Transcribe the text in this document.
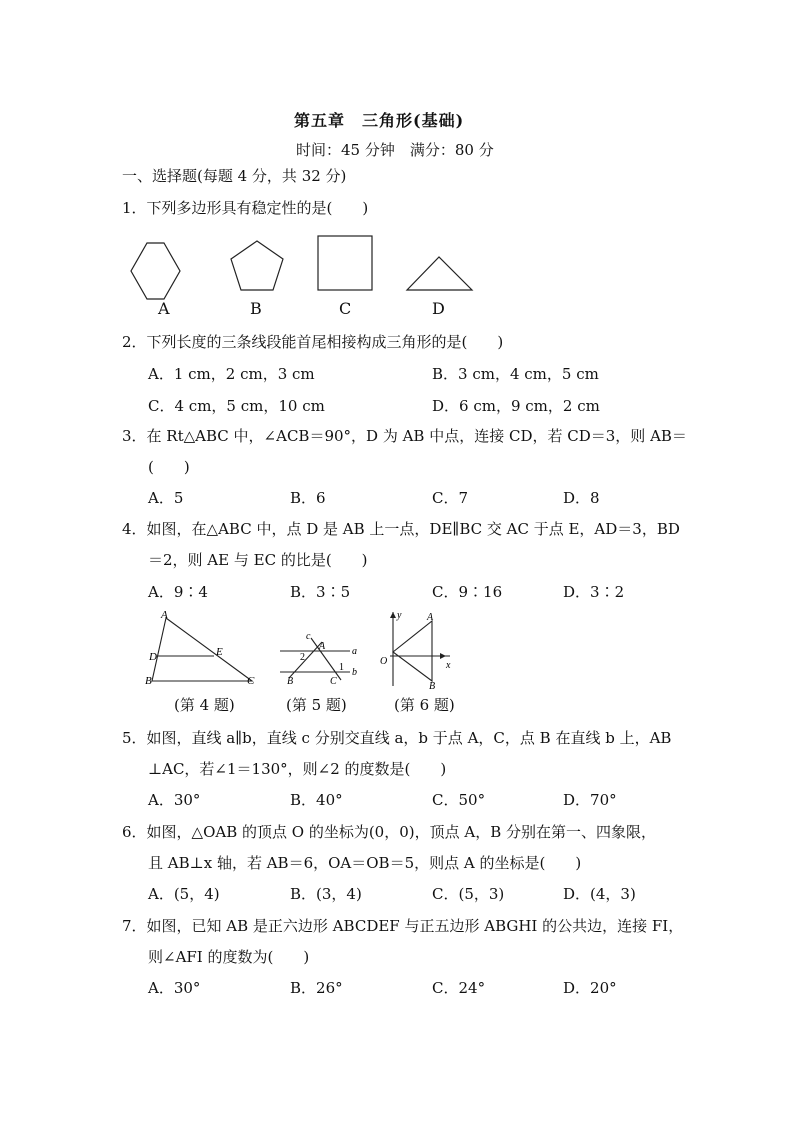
第五章　三角形(基础)
时间：45 分钟　满分：80 分
一、选择题(每题 4 分，共 32 分)
1．下列多边形具有稳定性的是(　　)
A	B	C	D
2．下列长度的三条线段能首尾相接构成三角形的是(　　)
A．1 cm，2 cm，3 cm	B．3 cm，4 cm，5 cm
C．4 cm，5 cm，10 cm	D．6 cm，9 cm，2 cm
3．在 Rt△ABC 中，∠ACB＝90°，D 为 AB 中点，连接 CD，若 CD＝3，则 AB＝
(　　)
A．5	B．6	C．7	D．8
4．如图，在△ABC 中，点 D 是 AB 上一点，DE∥BC 交 AC 于点 E，AD＝3，BD
＝2，则 AE 与 EC 的比是(　　)
A．9∶4	B．3∶5	C．9∶16	D．3∶2
A
D	E
B	C
c
a
b
A
B	C
2
1
y
x
O
A
B
(第 4 题)	(第 5 题)	(第 6 题)
5．如图，直线 a∥b，直线 c 分别交直线 a，b 于点 A，C，点 B 在直线 b 上，AB
⊥AC，若∠1＝130°，则∠2 的度数是(　　)
A．30°	B．40°	C．50°	D．70°
6．如图，△OAB 的顶点 O 的坐标为(0，0)，顶点 A，B 分别在第一、四象限，
且 AB⊥x 轴，若 AB＝6，OA＝OB＝5，则点 A 的坐标是(　　)
A．(5，4)	B．(3，4)	C．(5，3)	D．(4，3)
7．如图，已知 AB 是正六边形 ABCDEF 与正五边形 ABGHI 的公共边，连接 FI，
则∠AFI 的度数为(　　)
A．30°	B．26°	C．24°	D．20°
